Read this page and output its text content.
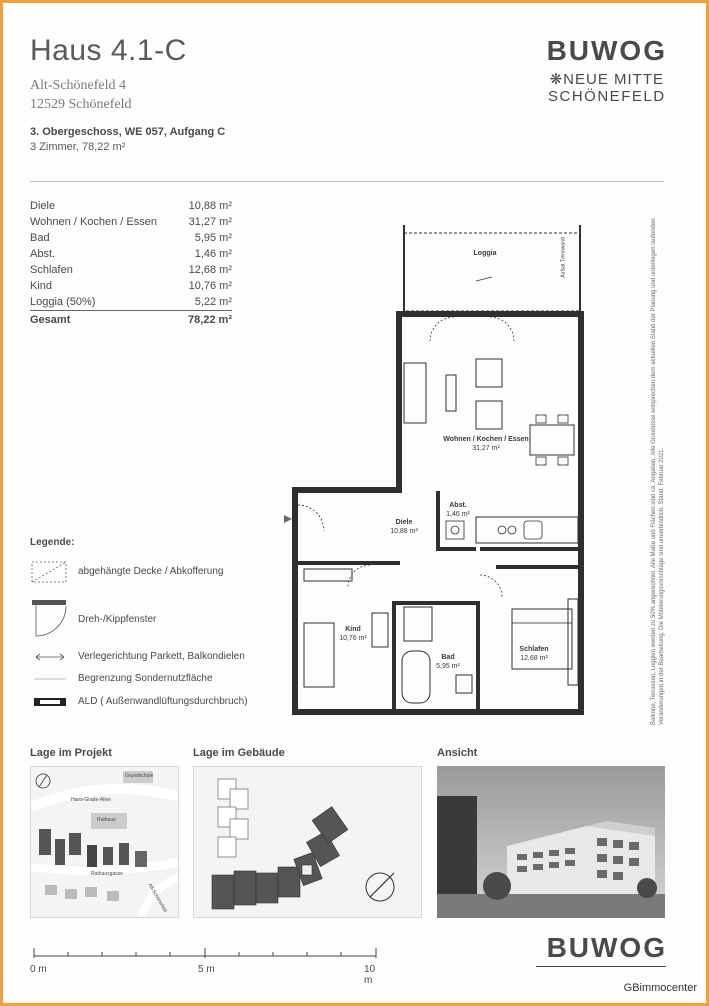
Haus 4.1-C
Alt-Schönefeld 4
12529 Schönefeld
3. Obergeschoss, WE 057, Aufgang C
3 Zimmer, 78,22 m²
BUWOG
❋NEUE MITTE
SCHÖNEFELD
Diele	10,88 m²
Wohnen / Kochen / Essen	31,27 m²
Bad	5,95 m²
Abst.	1,46 m²
Schlafen	12,68 m²
Kind	10,76 m²
Loggia (50%)	5,22 m²
Gesamt	78,22 m²	Balkone, Terrassen, Loggien werden zu 50% angerechnet. Alle Maße und Flächen sind ca. Angaben. Alle Grundrisse entsprechen dem aktuellen Stand der Planung und unterliegen laufenden Veränderungen in der Bearbeitung. Die Möblierungsvorschläge sind unverbindlich. Stand: Februar 2021.
Loggia
Wohnen / Kochen / Essen
31,27 m²
Diele
10,88 m²
Abst.
1,46 m²
Kind
10,76 m²
Bad
5,95 m²
Schlafen
12,68 m²
Aufsat Trennwand
Legende:
abgehängte Decke / Abkofferung
Dreh-/Kippfenster
Verlegerichtung Parkett, Balkondielen
Begrenzung Sondernutzfläche
ALD ( Außenwandlüftungsdurchbruch)
Lage im Projekt	Lage im Gebäude	Ansicht
Grundschule
Hans-Grade-Allee
Rathaus
Rathausgasse
Alt-Schönefeld
0 m	5 m	10 m
BUWOG
GBimmocenter
